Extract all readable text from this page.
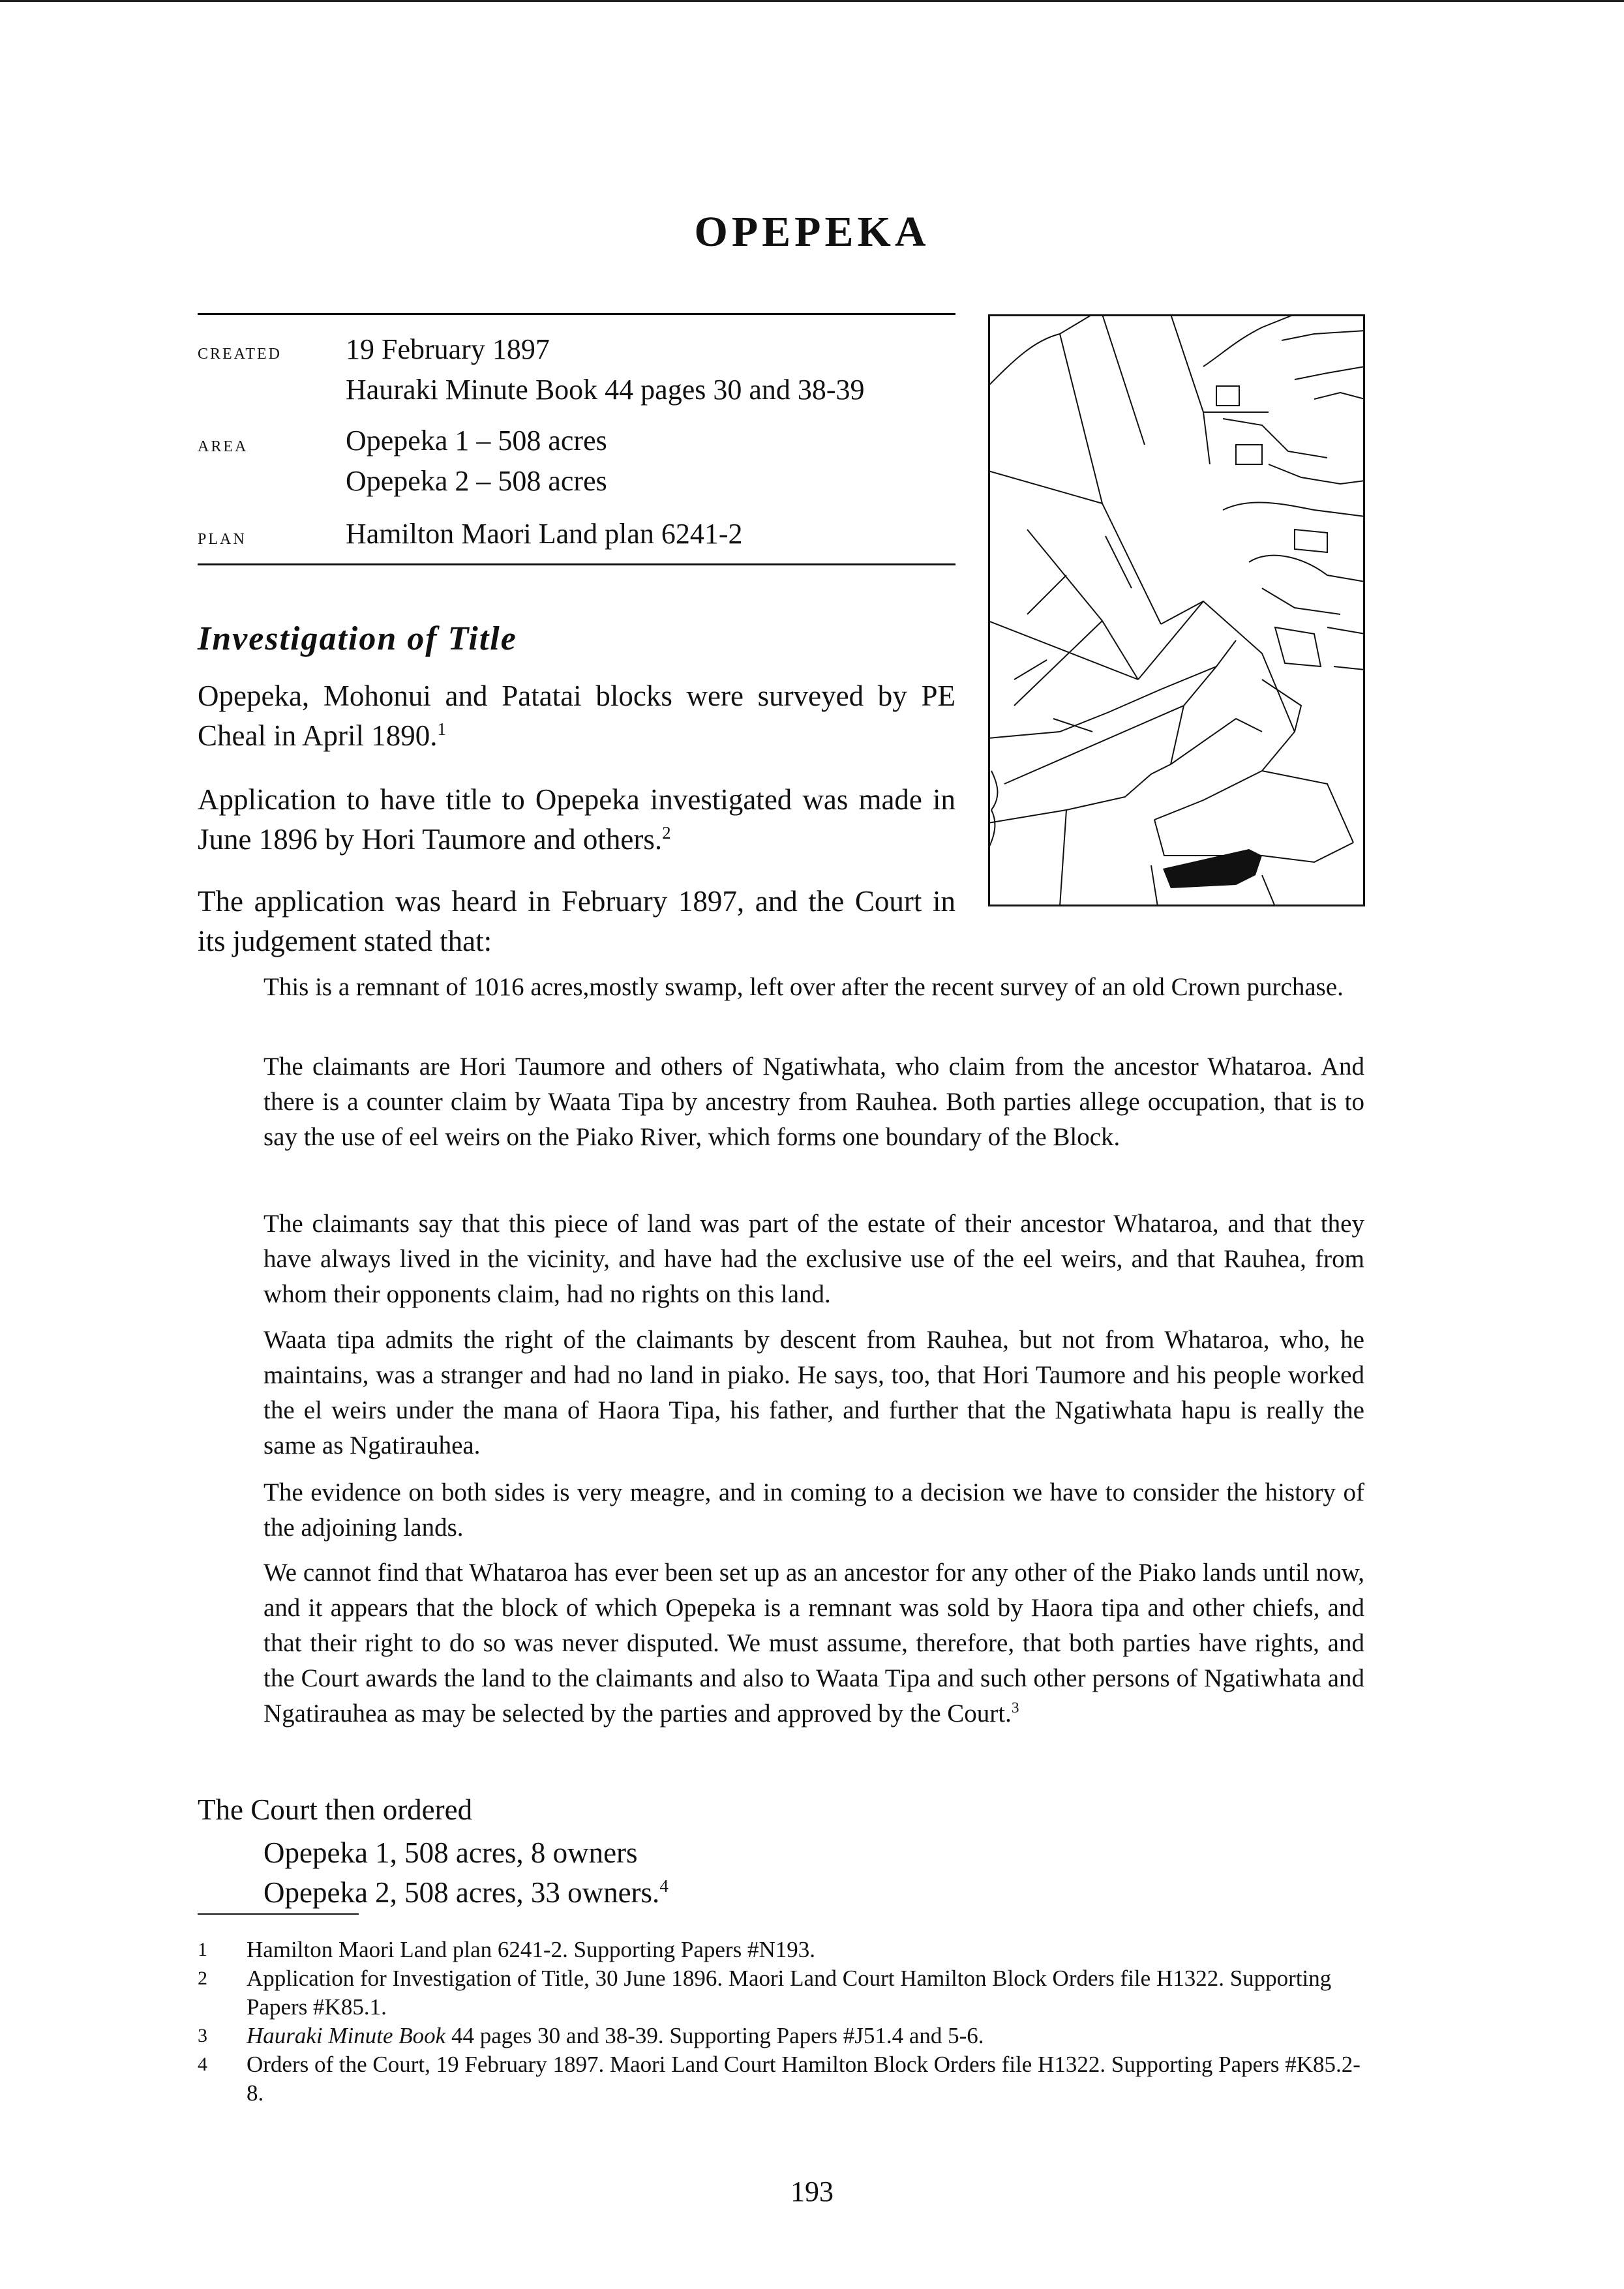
OPEPEKA
created 19 February 1897
Hauraki Minute Book 44 pages 30 and 38-39
area	Opepeka 1 – 508 acres
Opepeka 2 – 508 acres
plan	Hamilton Maori Land plan 6241-2
Investigation of Title

Opepeka, Mohonui and Patatai blocks were surveyed by PE Cheal in April 1890.$^1$

Application to have title to Opepeka investigated was made in June 1896 by Hori Taumore and others.$^2$

The application was heard in February 1897, and the Court in its judgement stated that:

This is a remnant of 1016 acres,mostly swamp, left over after the recent survey of an old Crown purchase.

The claimants are Hori Taumore and others of Ngatiwhata, who claim from the ancestor Whataroa. And there is a counter claim by Waata Tipa by ancestry from Rauhea. Both parties allege occupation, that is to say the use of eel weirs on the Piako River, which forms one boundary of the Block.

The claimants say that this piece of land was part of the estate of their ancestor Whataroa, and that they have always lived in the vicinity, and have had the exclusive use of the eel weirs, and that Rauhea, from whom their opponents claim, had no rights on this land.

Waata tipa admits the right of the claimants by descent from Rauhea, but not from Whataroa, who, he maintains, was a stranger and had no land in piako. He says, too, that Hori Taumore and his people worked the el weirs under the mana of Haora Tipa, his father, and further that the Ngatiwhata hapu is really the same as Ngatirauhea.

The evidence on both sides is very meagre, and in coming to a decision we have to consider the history of the adjoining lands.

We cannot find that Whataroa has ever been set up as an ancestor for any other of the Piako lands until now, and it appears that the block of which Opepeka is a remnant was sold by Haora tipa and other chiefs, and that their right to do so was never disputed. We must assume, therefore, that both parties have rights, and the Court awards the land to the claimants and also to Waata Tipa and such other persons of Ngatiwhata and Ngatirauhea as may be selected by the parties and approved by the Court.$^3$

The Court then ordered

Opepeka 1, 508 acres, 8 owners
Opepeka 2, 508 acres, 33 owners.$^4$
1	Hamilton Maori Land plan 6241-2. Supporting Papers #N193.
2	Application for Investigation of Title, 30 June 1896. Maori Land Court Hamilton Block Orders file H1322. Supporting Papers #K85.1.
3	Hauraki Minute Book 44 pages 30 and 38-39. Supporting Papers #J51.4 and 5-6.
4	Orders of the Court, 19 February 1897. Maori Land Court Hamilton Block Orders file H1322. Supporting Papers #K85.2-8.
193
